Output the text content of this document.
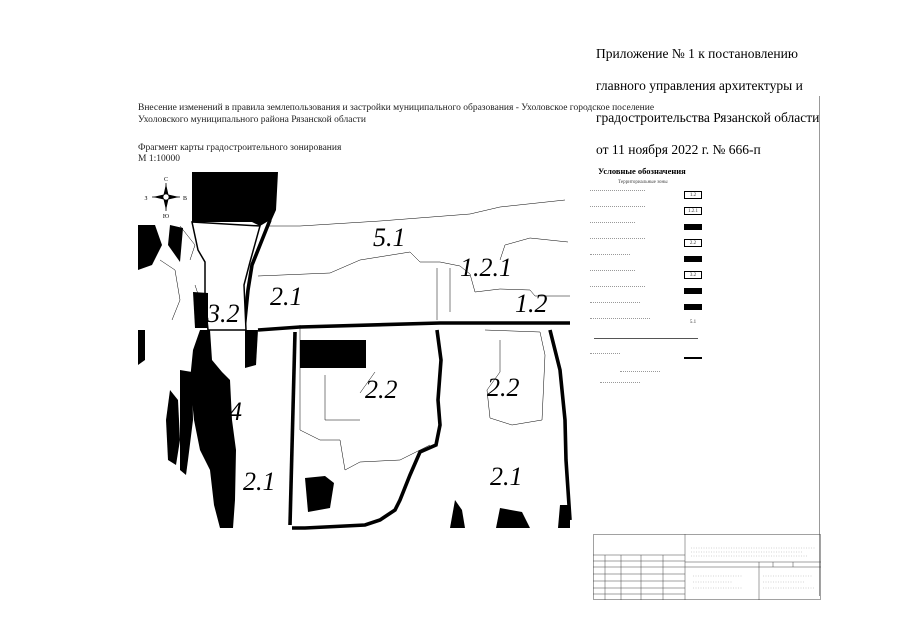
Приложение № 1 к постановлению

главного управления архитектуры и

градостроительства Рязанской области

от 11 ноября 2022 г. № 666-п

Внесение изменений в правила землепользования и застройки муниципального образования - Ухоловское городское поселение
Ухоловского муниципального района Рязанской области
Фрагмент карты градостроительного зонирования
М 1:10000
С
Ю
З	В
5.1
1.2.1
1.2
2.1
3.2
2.2	2.2
4
2.1	2.1
Условные обозначения
Территориальные зоны
1.2
1.2.1
2.2
3.2
5.1
